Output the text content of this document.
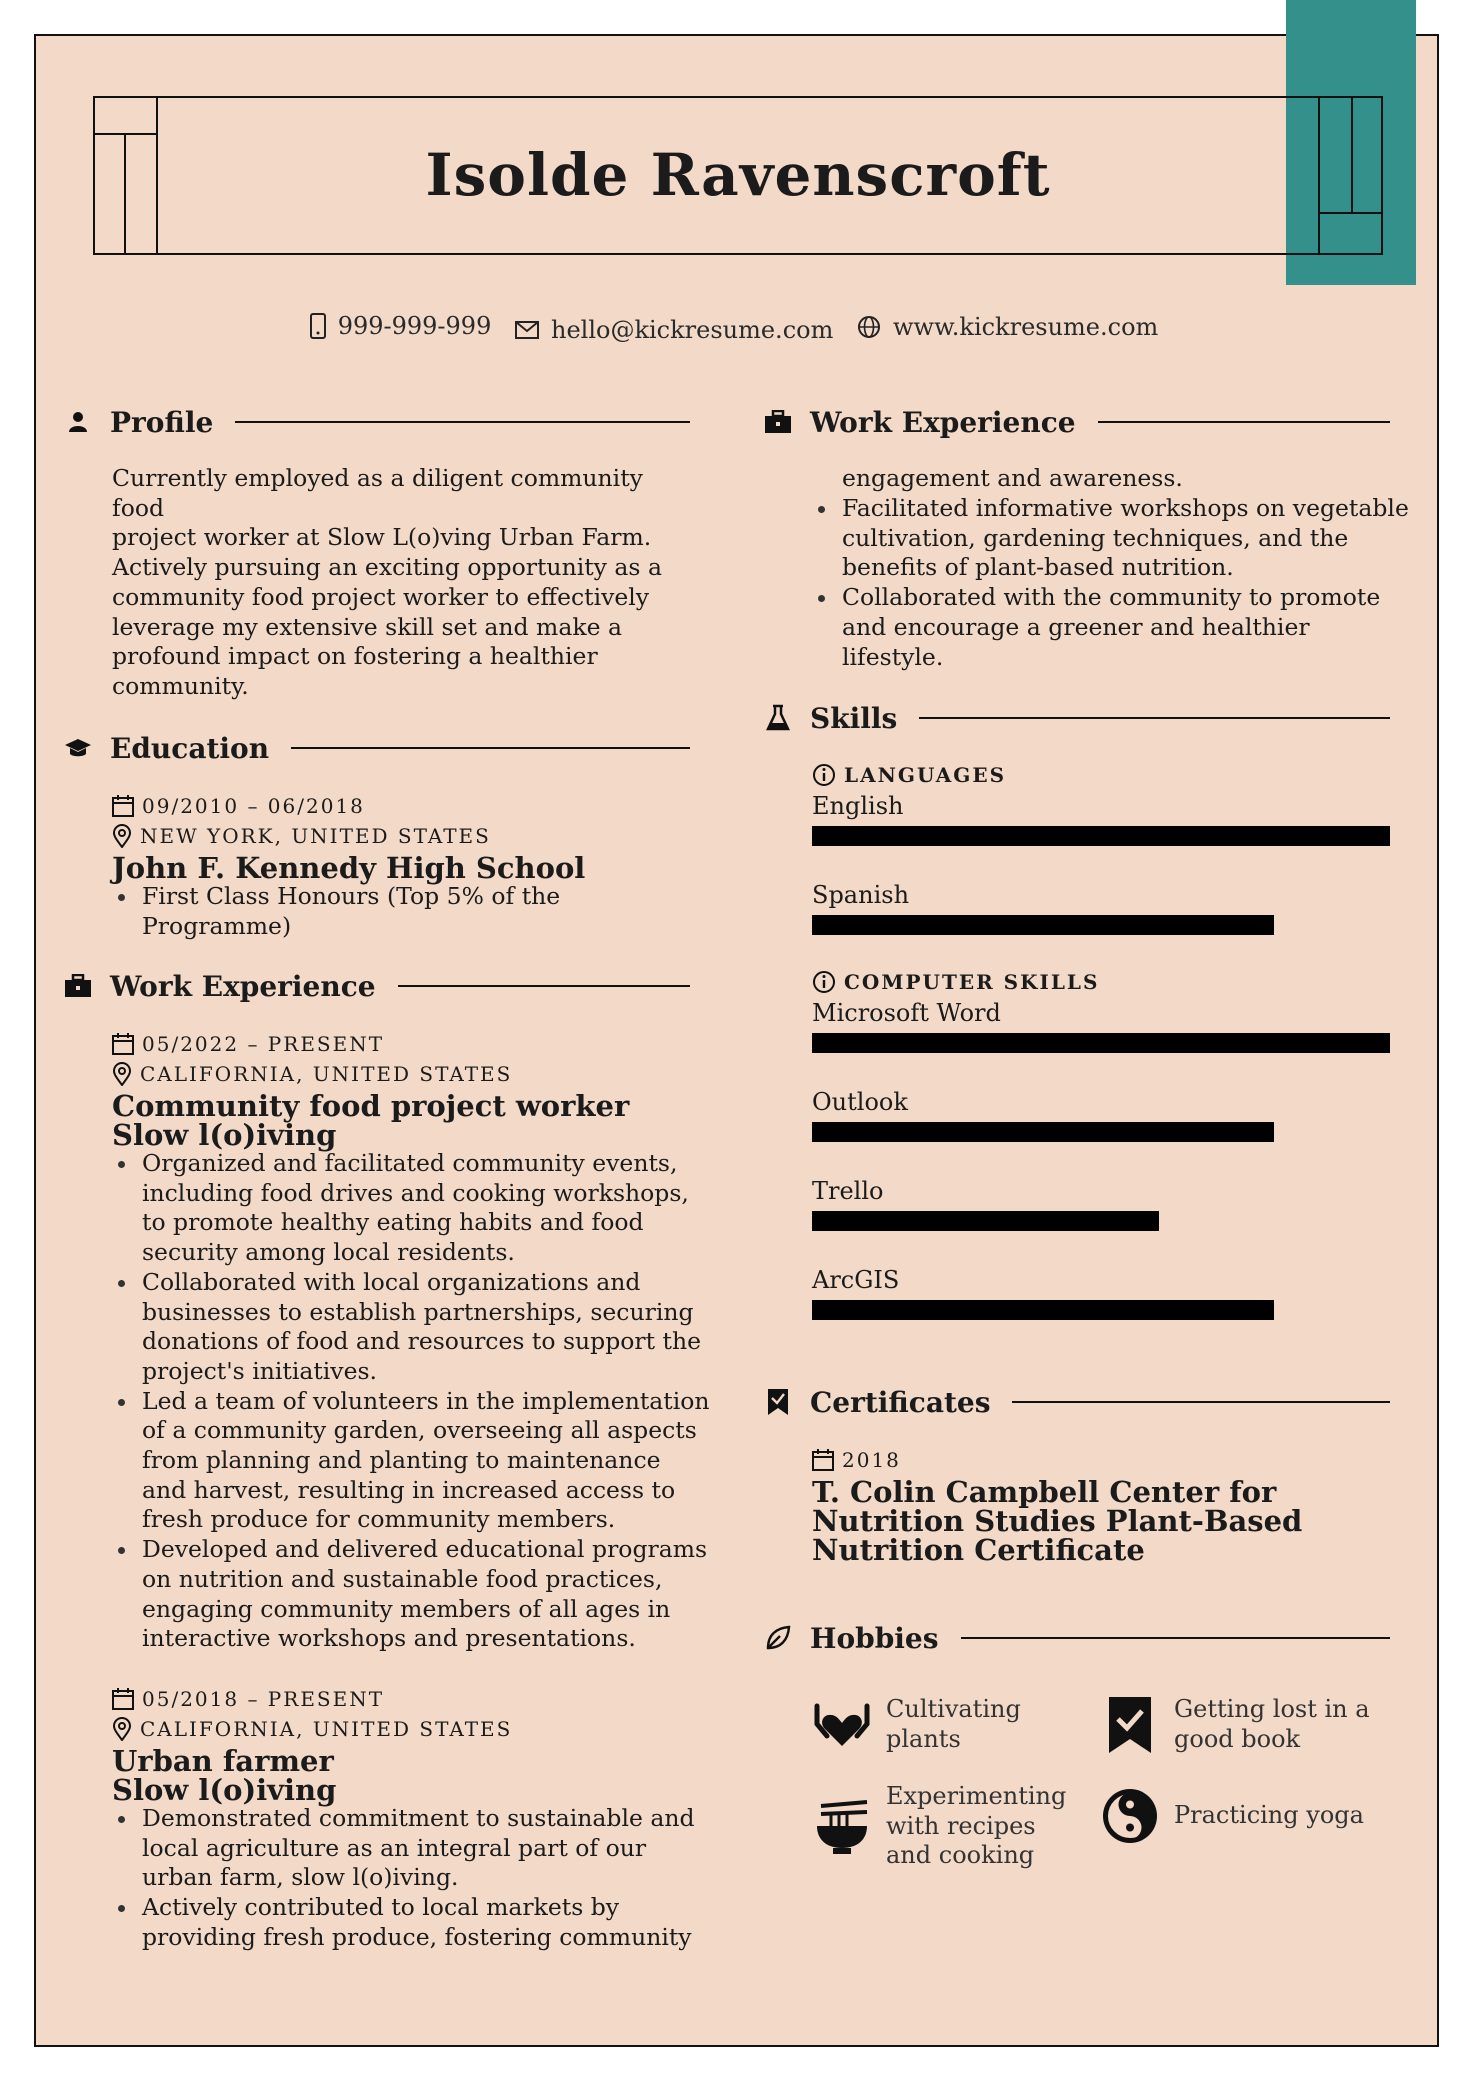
Isolde Ravenscroft
999-999-999
hello@kickresume.com
www.kickresume.com
Profile
Currently employed as a diligent community food
project worker at Slow L(o)ving Urban Farm.
Actively pursuing an exciting opportunity as a
community food project worker to effectively
leverage my extensive skill set and make a
profound impact on fostering a healthier
community.
Education
09/2010 – 06/2018
NEW YORK, UNITED STATES
John F. Kennedy High School
First Class Honours (Top 5% of the Programme)
Work Experience
05/2022 – PRESENT
CALIFORNIA, UNITED STATES
Community food project worker
Slow l(o)iving
Organized and facilitated community events,
including food drives and cooking workshops,
to promote healthy eating habits and food
security among local residents.
Collaborated with local organizations and
businesses to establish partnerships, securing
donations of food and resources to support the
project's initiatives.
Led a team of volunteers in the implementation
of a community garden, overseeing all aspects
from planning and planting to maintenance
and harvest, resulting in increased access to
fresh produce for community members.
Developed and delivered educational programs
on nutrition and sustainable food practices,
engaging community members of all ages in
interactive workshops and presentations.
05/2018 – PRESENT
CALIFORNIA, UNITED STATES
Urban farmer
Slow l(o)iving
Demonstrated commitment to sustainable and
local agriculture as an integral part of our
urban farm, slow l(o)iving.
Actively contributed to local markets by
providing fresh produce, fostering community
Work Experience
engagement and awareness.
Facilitated informative workshops on vegetable
cultivation, gardening techniques, and the
benefits of plant-based nutrition.
Collaborated with the community to promote
and encourage a greener and healthier lifestyle.
Skills
LANGUAGES
English
Spanish
COMPUTER SKILLS
Microsoft Word
Outlook
Trello
ArcGIS
Certificates
2018
T. Colin Campbell Center for
Nutrition Studies Plant-Based
Nutrition Certificate
Hobbies
Cultivating
plants
Getting lost in a
good book
Experimenting
with recipes
and cooking
Practicing yoga
